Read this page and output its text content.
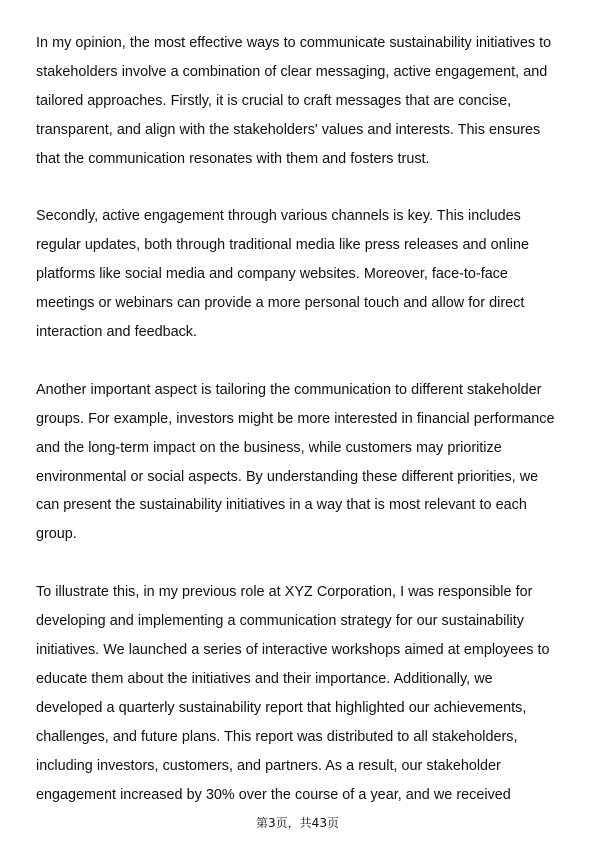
In my opinion, the most effective ways to communicate sustainability initiatives to stakeholders involve a combination of clear messaging, active engagement, and tailored approaches. Firstly, it is crucial to craft messages that are concise, transparent, and align with the stakeholders' values and interests. This ensures that the communication resonates with them and fosters trust.

Secondly, active engagement through various channels is key. This includes regular updates, both through traditional media like press releases and online platforms like social media and company websites. Moreover, face-to-face meetings or webinars can provide a more personal touch and allow for direct interaction and feedback.

Another important aspect is tailoring the communication to different stakeholder groups. For example, investors might be more interested in financial performance and the long-term impact on the business, while customers may prioritize environmental or social aspects. By understanding these different priorities, we can present the sustainability initiatives in a way that is most relevant to each group.

To illustrate this, in my previous role at XYZ Corporation, I was responsible for developing and implementing a communication strategy for our sustainability initiatives. We launched a series of interactive workshops aimed at employees to educate them about the initiatives and their importance. Additionally, we developed a quarterly sustainability report that highlighted our achievements, challenges, and future plans. This report was distributed to all stakeholders, including investors, customers, and partners. As a result, our stakeholder engagement increased by 30% over the course of a year, and we received

第3页，共43页
